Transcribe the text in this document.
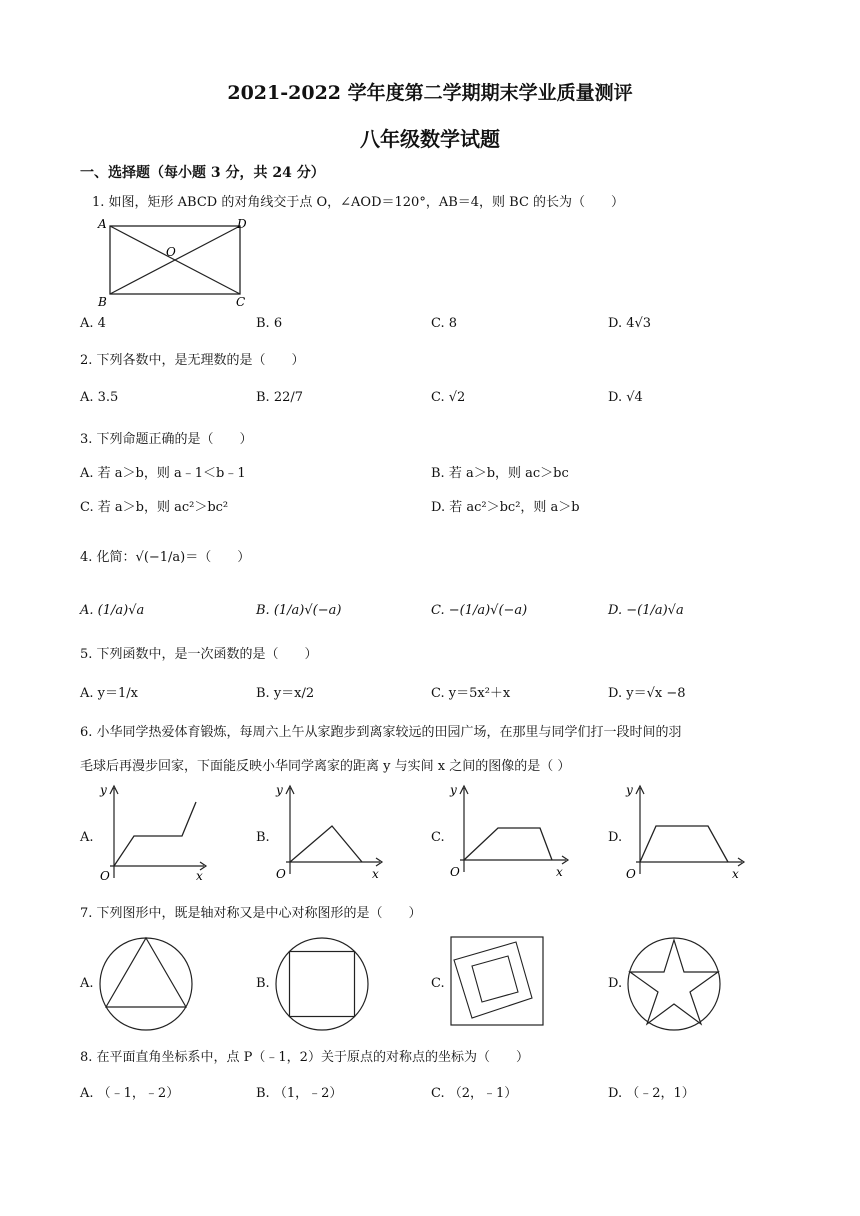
2021-2022 学年度第二学期期末学业质量测评
八年级数学试题
一、选择题（每小题 3 分，共 24 分）
1. 如图，矩形 ABCD 的对角线交于点 O，∠AOD＝120°，AB＝4，则 BC 的长为（　　）
A	D
B	C
O
A. 4	B. 6	C. 8	D. 4√3
2. 下列各数中，是无理数的是（　　）
A. 3.5	B. 22/7	C. √2	D. √4
3. 下列命题正确的是（　　）
A. 若 a＞b，则 a﹣1＜b﹣1	B. 若 a＞b，则 ac＞bc
C. 若 a＞b，则 ac²＞bc²	D. 若 ac²＞bc²，则 a＞b
4. 化简：√(−1/a)＝（　　）
A. (1/a)√a	B. (1/a)√(−a)	C. −(1/a)√(−a)	D. −(1/a)√a
5. 下列函数中，是一次函数的是（　　）
A. y＝1/x	B. y＝x/2	C. y＝5x²＋x	D. y＝√x −8
6. 小华同学热爱体育锻炼，每周六上午从家跑步到离家较远的田园广场，在那里与同学们打一段时间的羽
毛球后再漫步回家，下面能反映小华同学离家的距离 y 与实间 x 之间的图像的是（ ）
A.
y
x
O
B.
y
x
O
C.
y
x
O
D.
y
x
O
7. 下列图形中，既是轴对称又是中心对称图形的是（　　）
A.	B.	C.	D.
8. 在平面直角坐标系中，点 P（﹣1，2）关于原点的对称点的坐标为（　　）
A. （﹣1，﹣2）	B. （1，﹣2）	C. （2，﹣1）	D. （﹣2，1）
